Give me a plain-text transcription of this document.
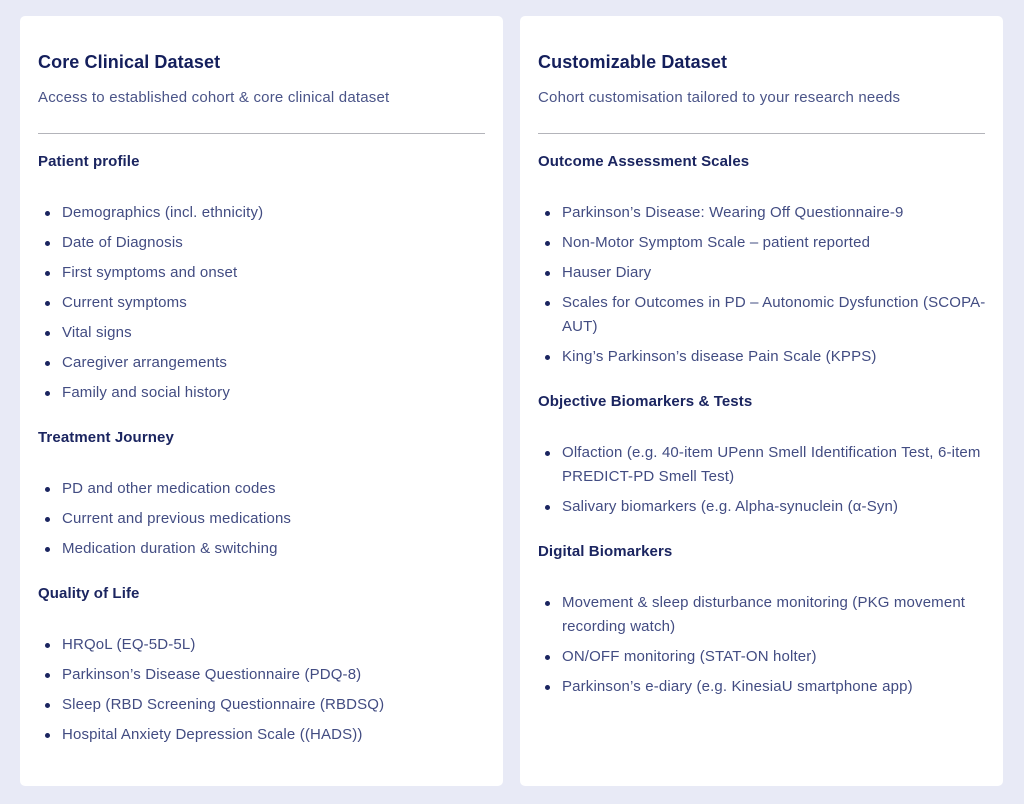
Core Clinical Dataset

Access to established cohort & core clinical dataset

Patient profile
Demographics (incl. ethnicity)
Date of Diagnosis
First symptoms and onset
Current symptoms
Vital signs
Caregiver arrangements
Family and social history
Treatment Journey
PD and other medication codes
Current and previous medications
Medication duration & switching
Quality of Life
HRQoL (EQ-5D-5L)
Parkinson’s Disease Questionnaire (PDQ-8)
Sleep (RBD Screening Questionnaire (RBDSQ)
Hospital Anxiety Depression Scale ((HADS))
Customizable Dataset

Cohort customisation tailored to your research needs

Outcome Assessment Scales
Parkinson’s Disease: Wearing Off Questionnaire-9
Non-Motor Symptom Scale – patient reported
Hauser Diary
Scales for Outcomes in PD – Autonomic Dysfunction (SCOPA-AUT)
King’s Parkinson’s disease Pain Scale (KPPS)
Objective Biomarkers & Tests
Olfaction (e.g. 40-item UPenn Smell Identification Test, 6-item PREDICT-PD Smell Test)
Salivary biomarkers (e.g. Alpha-synuclein (α-Syn)
Digital Biomarkers
Movement & sleep disturbance monitoring (PKG movement recording watch)
ON/OFF monitoring (STAT-ON holter)
Parkinson’s e-diary (e.g. KinesiaU smartphone app)
